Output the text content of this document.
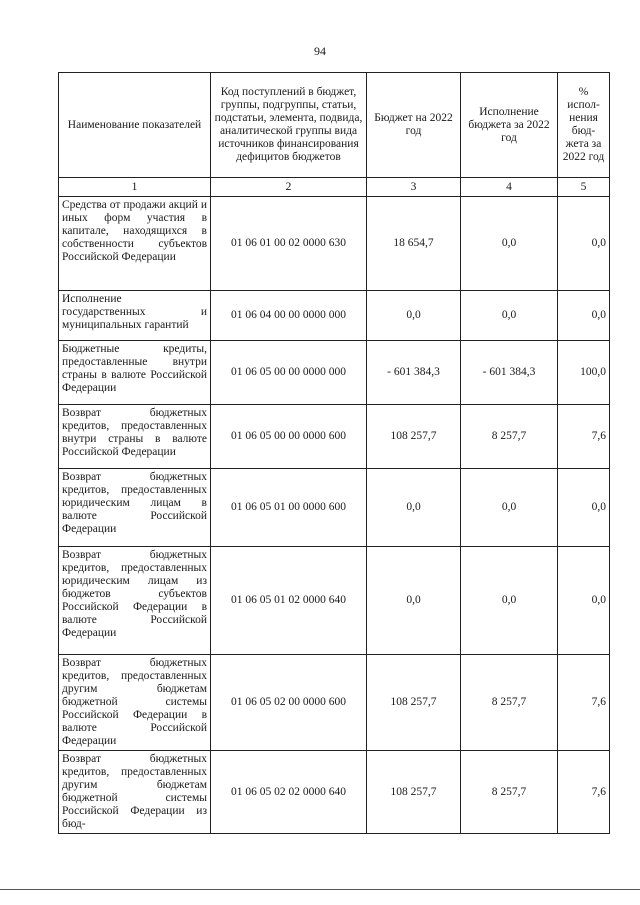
94
Наименование показателей	Код поступлений в бюджет, группы, подгруппы, статьи, подстатьи, элемента, подвида, аналитической группы вида источников финансирования дефицитов бюджетов	Бюджет на 2022 год	Исполнение бюджета за 2022 год	% испол-нения бюд-жета за 2022 год
1	2	3	4	5
Средства от продажи акций и иных форм участия в капитале, находящихся в собственности субъектов Российской Федерации	01 06 01 00 02 0000 630	18 654,7	0,0	0,0
Исполнение государственных и муниципальных гарантий	01 06 04 00 00 0000 000	0,0	0,0	0,0
Бюджетные кредиты, предоставленные внутри страны в валюте Российской Федерации	01 06 05 00 00 0000 000	- 601 384,3	- 601 384,3	100,0
Возврат бюджетных кредитов, предоставленных внутри страны в валюте Российской Федерации	01 06 05 00 00 0000 600	108 257,7	8 257,7	7,6
Возврат бюджетных кредитов, предоставленных юридическим лицам в валюте Российской Федерации	01 06 05 01 00 0000 600	0,0	0,0	0,0
Возврат бюджетных кредитов, предоставленных юридическим лицам из бюджетов субъектов Российской Федерации в валюте Российской Федерации	01 06 05 01 02 0000 640	0,0	0,0	0,0
Возврат бюджетных кредитов, предоставленных другим бюджетам бюджетной системы Российской Федерации в валюте Российской Федерации	01 06 05 02 00 0000 600	108 257,7	8 257,7	7,6
Возврат бюджетных кредитов, предоставленных другим бюджетам бюджетной системы Российской Федерации из бюд-	01 06 05 02 02 0000 640	108 257,7	8 257,7	7,6
